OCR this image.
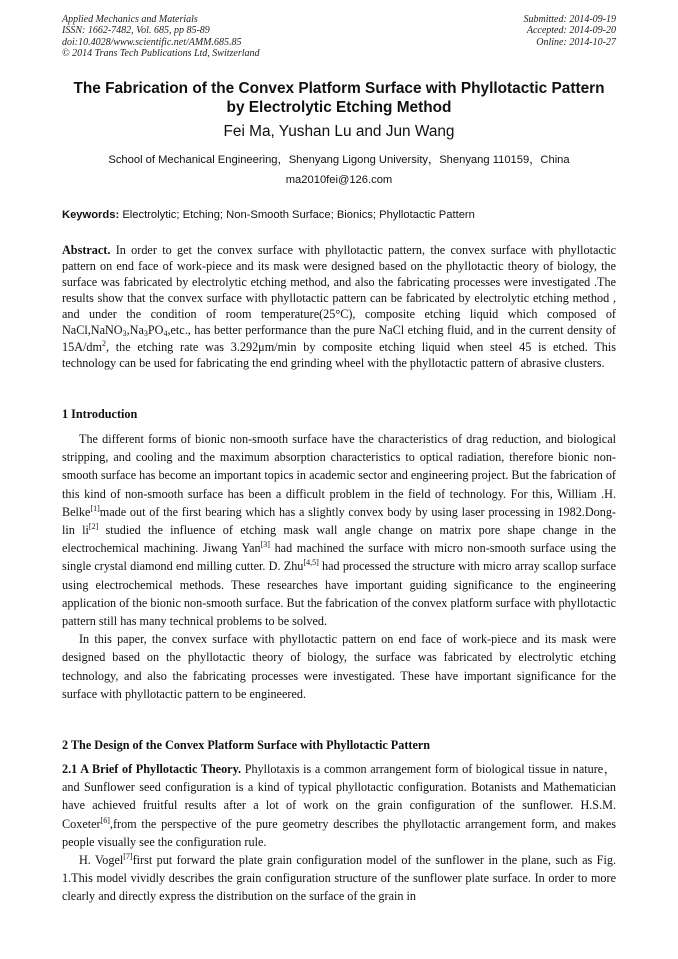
Applied Mechanics and Materials
ISSN: 1662-7482, Vol. 685, pp 85-89
doi:10.4028/www.scientific.net/AMM.685.85
© 2014 Trans Tech Publications Ltd, Switzerland
Submitted: 2014-09-19
Accepted: 2014-09-20
Online: 2014-10-27
The Fabrication of the Convex Platform Surface with Phyllotactic Pattern
by Electrolytic Etching Method
Fei Ma, Yushan Lu and Jun Wang
School of Mechanical Engineering，Shenyang Ligong University，Shenyang 110159，China
ma2010fei@126.com
Keywords: Electrolytic; Etching; Non-Smooth Surface; Bionics; Phyllotactic Pattern
Abstract. In order to get the convex surface with phyllotactic pattern, the convex surface with phyllotactic pattern on end face of work-piece and its mask were designed based on the phyllotactic theory of biology, the surface was fabricated by electrolytic etching method, and also the fabricating processes were investigated .The results show that the convex surface with phyllotactic pattern can be fabricated by electrolytic etching method , and under the condition of room temperature(25°C), composite etching liquid which composed of $NaCl,NaNO_3,Na_3PO_4,etc$., has better performance than the pure NaCl etching fluid, and in the current density of $15A/dm^2$, the etching rate was 3.292μm/min by composite etching liquid when steel 45 is etched. This technology can be used for fabricating the end grinding wheel with the phyllotactic pattern of abrasive clusters.
1 Introduction

The different forms of bionic non-smooth surface have the characteristics of drag reduction, and biological stripping, and cooling and the maximum absorption characteristics to optical radiation, therefore bionic non-smooth surface has become an important topics in academic sector and engineering project. But the fabrication of this kind of non-smooth surface has been a difficult problem in the field of technology. For this, William .H. Belke[1]made out of the first bearing which has a slightly convex body by using laser processing in 1982.Dong-lin li[2] studied the influence of etching mask wall angle change on matrix pore shape change in the electrochemical machining. Jiwang Yan[3] had machined the surface with micro non-smooth surface using the single crystal diamond end milling cutter. D. Zhu[4,5] had processed the structure with micro array scallop surface using electrochemical methods. These researches have important guiding significance to the engineering application of the bionic non-smooth surface. But the fabrication of the convex platform surface with phyllotactic pattern still has many technical problems to be solved.

In this paper, the convex surface with phyllotactic pattern on end face of work-piece and its mask were designed based on the phyllotactic theory of biology, the surface was fabricated by electrolytic etching technology, and also the fabricating processes were investigated. These have important significance for the surface with phyllotactic pattern to be engineered.

2 The Design of the Convex Platform Surface with Phyllotactic Pattern

2.1 A Brief of Phyllotactic Theory. Phyllotaxis is a common arrangement form of biological tissue in nature，and Sunflower seed configuration is a kind of typical phyllotactic configuration. Botanists and Mathematician have achieved fruitful results after a lot of work on the grain configuration of the sunflower. H.S.M. Coxeter[6],from the perspective of the pure geometry describes the phyllotactic arrangement form, and makes people visually see the configuration rule.

H. Vogel[7]first put forward the plate grain configuration model of the sunflower in the plane, such as Fig. 1.This model vividly describes the grain configuration structure of the sunflower plate surface. In order to more clearly and directly express the distribution on the surface of the grain in
